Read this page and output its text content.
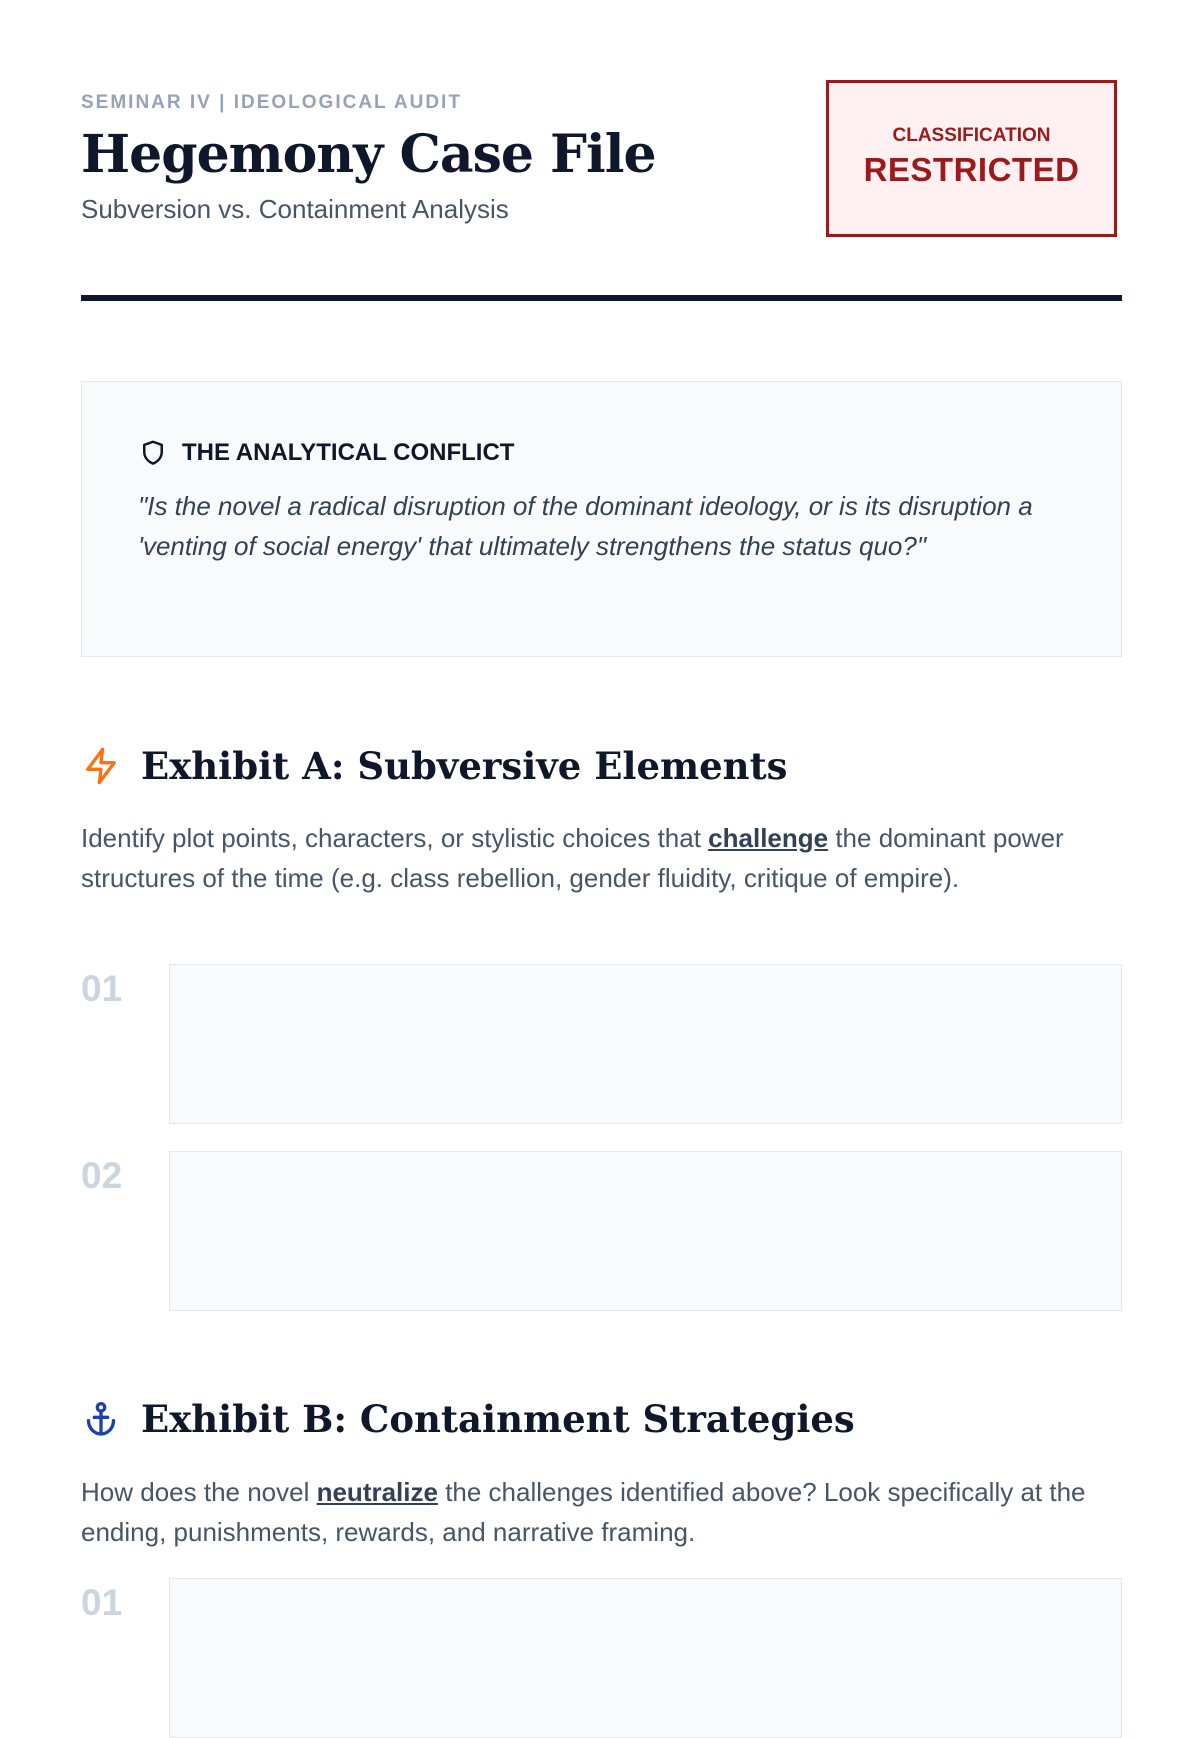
SEMINAR IV | IDEOLOGICAL AUDIT
Hegemony Case File
Subversion vs. Containment Analysis
CLASSIFICATION
RESTRICTED
THE ANALYTICAL CONFLICT
"Is the novel a radical disruption of the dominant ideology, or is its disruption a 'venting of social energy' that ultimately strengthens the status quo?"
Exhibit A: Subversive Elements
Identify plot points, characters, or stylistic choices that challenge the dominant power structures of the time (e.g. class rebellion, gender fluidity, critique of empire).
01
02
Exhibit B: Containment Strategies
How does the novel neutralize the challenges identified above? Look specifically at the ending, punishments, rewards, and narrative framing.
01
